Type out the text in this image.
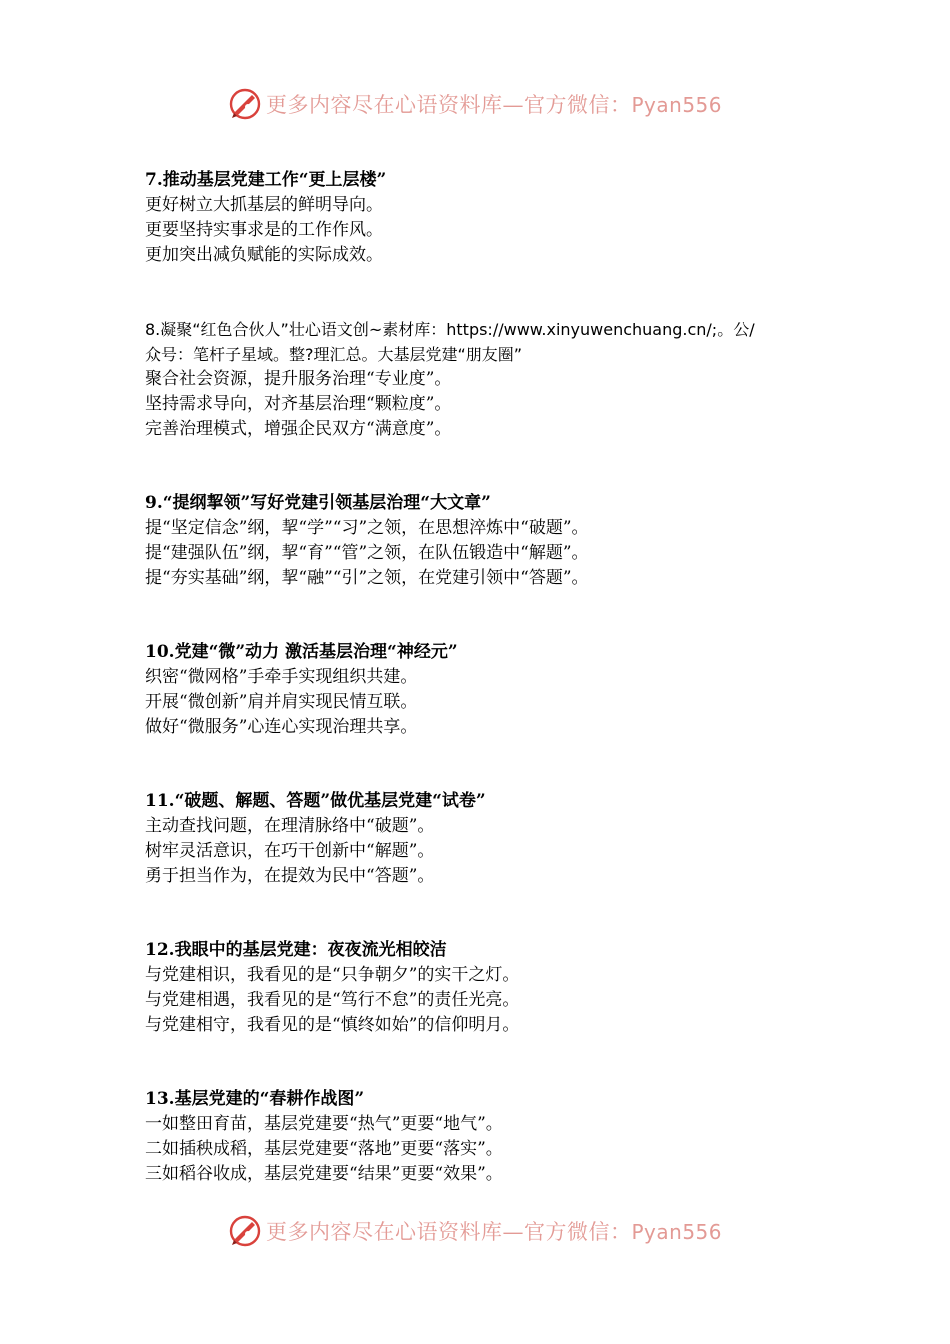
更多内容尽在心语资料库—官方微信：Pyan556
7.推动基层党建工作“更上层楼”
更好树立大抓基层的鲜明导向。
更要坚持实事求是的工作作风。
更加突出减负赋能的实际成效。
8.凝聚“红色合伙人”壮心语文创~素材库：https://www.xinyuwenchuang.cn/;。公/
众号：笔杆子星域。整?理汇总。大基层党建“朋友圈”
聚合社会资源，提升服务治理“专业度”。
坚持需求导向，对齐基层治理“颗粒度”。
完善治理模式，增强企民双方“满意度”。
9.“提纲挈领”写好党建引领基层治理“大文章”
提“坚定信念”纲，挈“学”“习”之领，在思想淬炼中“破题”。
提“建强队伍”纲，挈“育”“管”之领，在队伍锻造中“解题”。
提“夯实基础”纲，挈“融”“引”之领，在党建引领中“答题”。
10.党建“微”动力 激活基层治理“神经元”
织密“微网格”手牵手实现组织共建。
开展“微创新”肩并肩实现民情互联。
做好“微服务”心连心实现治理共享。
11.“破题、解题、答题”做优基层党建“试卷”
主动查找问题，在理清脉络中“破题”。
树牢灵活意识，在巧干创新中“解题”。
勇于担当作为，在提效为民中“答题”。
12.我眼中的基层党建：夜夜流光相皎洁
与党建相识，我看见的是“只争朝夕”的实干之灯。
与党建相遇，我看见的是“笃行不怠”的责任光亮。
与党建相守，我看见的是“慎终如始”的信仰明月。
13.基层党建的“春耕作战图”
一如整田育苗，基层党建要“热气”更要“地气”。
二如插秧成稻，基层党建要“落地”更要“落实”。
三如稻谷收成，基层党建要“结果”更要“效果”。
更多内容尽在心语资料库—官方微信：Pyan556
